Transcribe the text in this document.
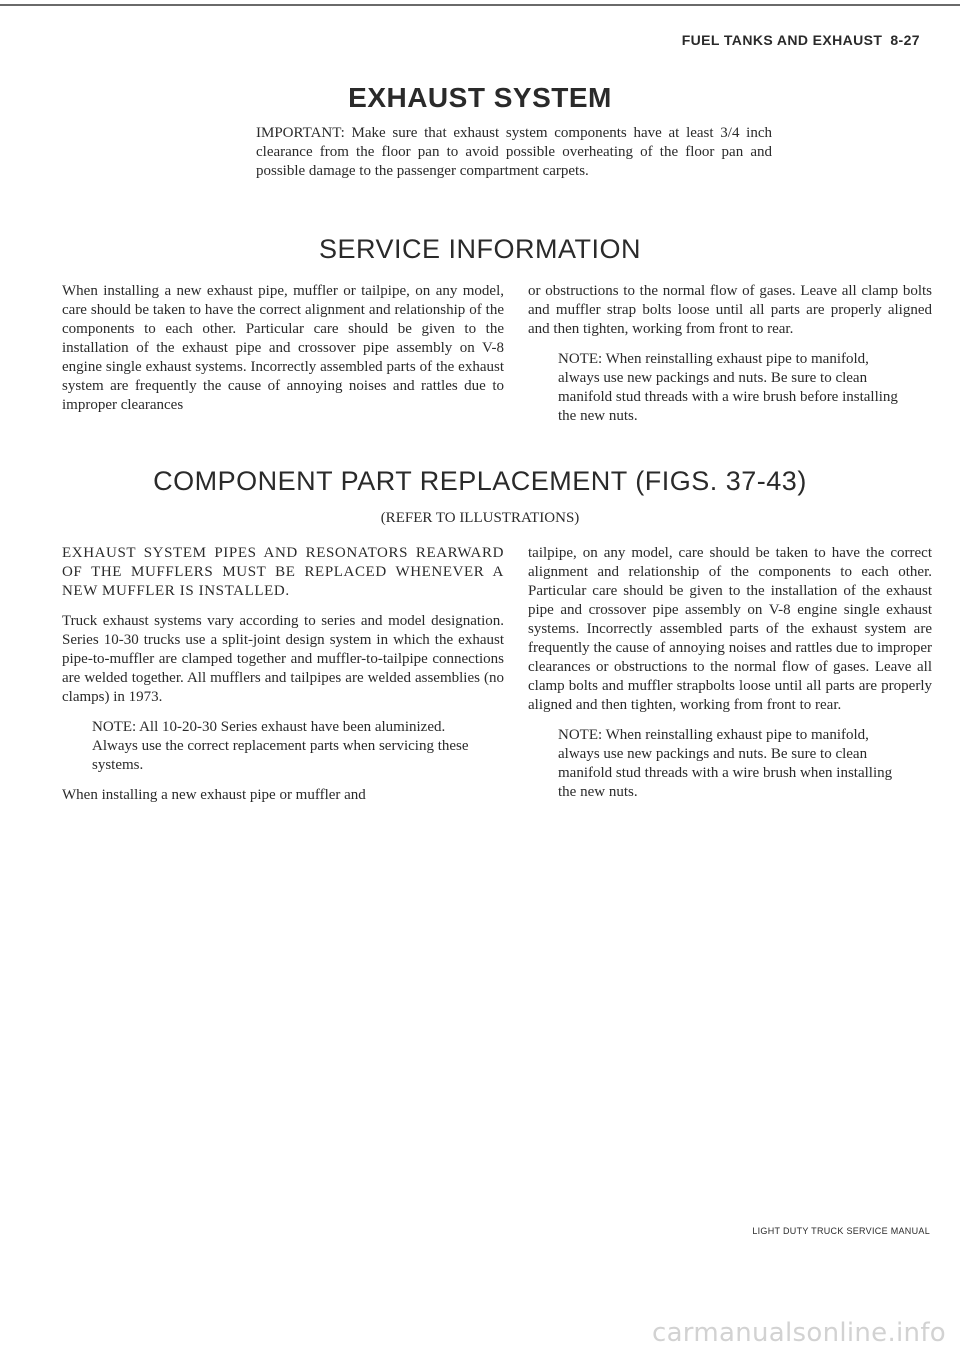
FUEL TANKS AND EXHAUST 8-27
EXHAUST SYSTEM

IMPORTANT: Make sure that exhaust system components have at least 3/4 inch clearance from the floor pan to avoid possible overheating of the floor pan and possible damage to the passenger compartment carpets.

SERVICE INFORMATION

When installing a new exhaust pipe, muffler or tailpipe, on any model, care should be taken to have the correct alignment and relationship of the components to each other. Particular care should be given to the installation of the exhaust pipe and crossover pipe assembly on V-8 engine single exhaust systems. Incorrectly assembled parts of the exhaust system are frequently the cause of annoying noises and rattles due to improper clearances

or obstructions to the normal flow of gases. Leave all clamp bolts and muffler strap bolts loose until all parts are properly aligned and then tighten, working from front to rear.

NOTE: When reinstalling exhaust pipe to manifold, always use new packings and nuts. Be sure to clean manifold stud threads with a wire brush before installing the new nuts.

COMPONENT PART REPLACEMENT (FIGS. 37-43)

(REFER TO ILLUSTRATIONS)

EXHAUST SYSTEM PIPES AND RESONATORS REARWARD OF THE MUFFLERS MUST BE REPLACED WHENEVER A NEW MUFFLER IS INSTALLED.

Truck exhaust systems vary according to series and model designation. Series 10-30 trucks use a split-joint design system in which the exhaust pipe-to-muffler are clamped together and muffler-to-tailpipe connections are welded together. All mufflers and tailpipes are welded assemblies (no clamps) in 1973.

NOTE: All 10-20-30 Series exhaust have been aluminized. Always use the correct replacement parts when servicing these systems.

When installing a new exhaust pipe or muffler and

tailpipe, on any model, care should be taken to have the correct alignment and relationship of the components to each other. Particular care should be given to the installation of the exhaust pipe and crossover pipe assembly on V-8 engine single exhaust systems. Incorrectly assembled parts of the exhaust system are frequently the cause of annoying noises and rattles due to improper clearances or obstructions to the normal flow of gases. Leave all clamp bolts and muffler strapbolts loose until all parts are properly aligned and then tighten, working from front to rear.

NOTE: When reinstalling exhaust pipe to manifold, always use new packings and nuts. Be sure to clean manifold stud threads with a wire brush when installing the new nuts.

LIGHT DUTY TRUCK SERVICE MANUAL
carmanualsonline.info
